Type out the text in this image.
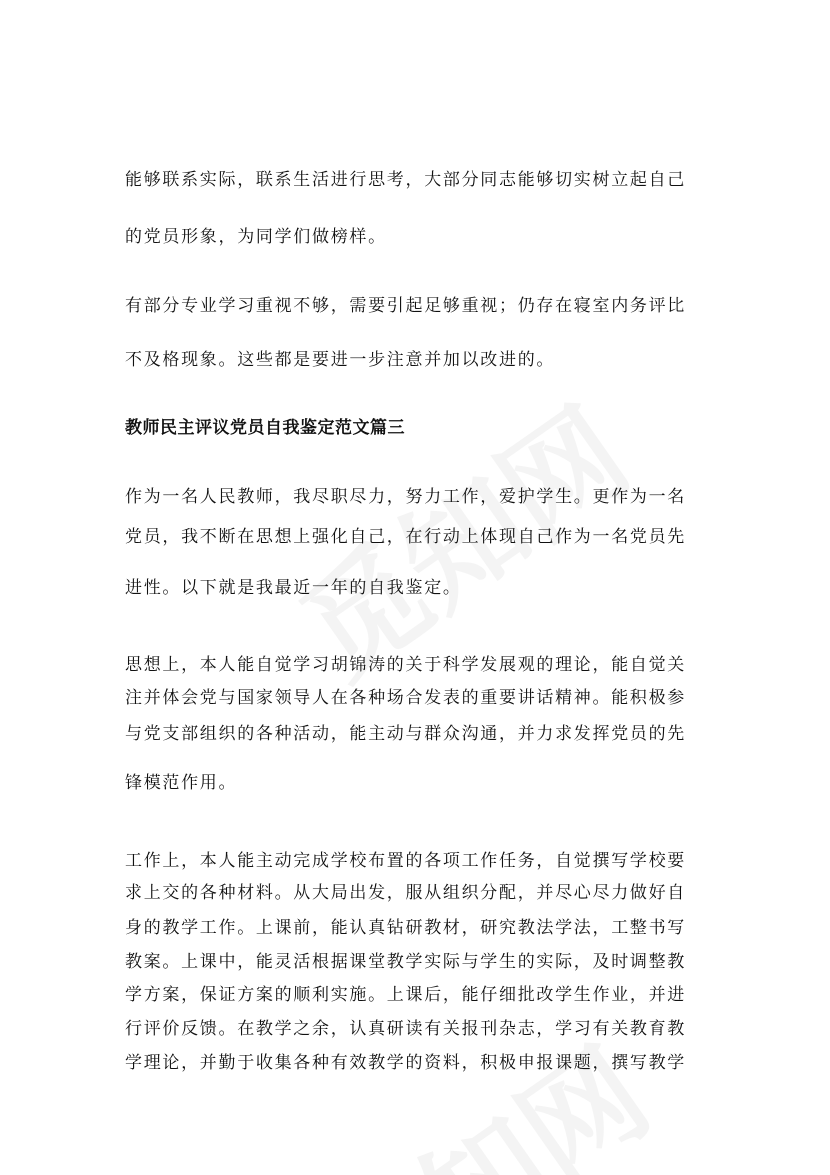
能够联系实际，联系生活进行思考，大部分同志能够切实树立起自己
的党员形象，为同学们做榜样。
有部分专业学习重视不够，需要引起足够重视；仍存在寝室内务评比
不及格现象。这些都是要进一步注意并加以改进的。
教师民主评议党员自我鉴定范文篇三
作为一名人民教师，我尽职尽力，努力工作，爱护学生。更作为一名
党员，我不断在思想上强化自己，在行动上体现自己作为一名党员先
进性。以下就是我最近一年的自我鉴定。
思想上，本人能自觉学习胡锦涛的关于科学发展观的理论，能自觉关
注并体会党与国家领导人在各种场合发表的重要讲话精神。能积极参
与党支部组织的各种活动，能主动与群众沟通，并力求发挥党员的先
锋模范作用。
工作上，本人能主动完成学校布置的各项工作任务，自觉撰写学校要
求上交的各种材料。从大局出发，服从组织分配，并尽心尽力做好自
身的教学工作。上课前，能认真钻研教材，研究教法学法，工整书写
教案。上课中，能灵活根据课堂教学实际与学生的实际，及时调整教
学方案，保证方案的顺利实施。上课后，能仔细批改学生作业，并进
行评价反馈。在教学之余，认真研读有关报刊杂志，学习有关教育教
学理论，并勤于收集各种有效教学的资料，积极申报课题，撰写教学
